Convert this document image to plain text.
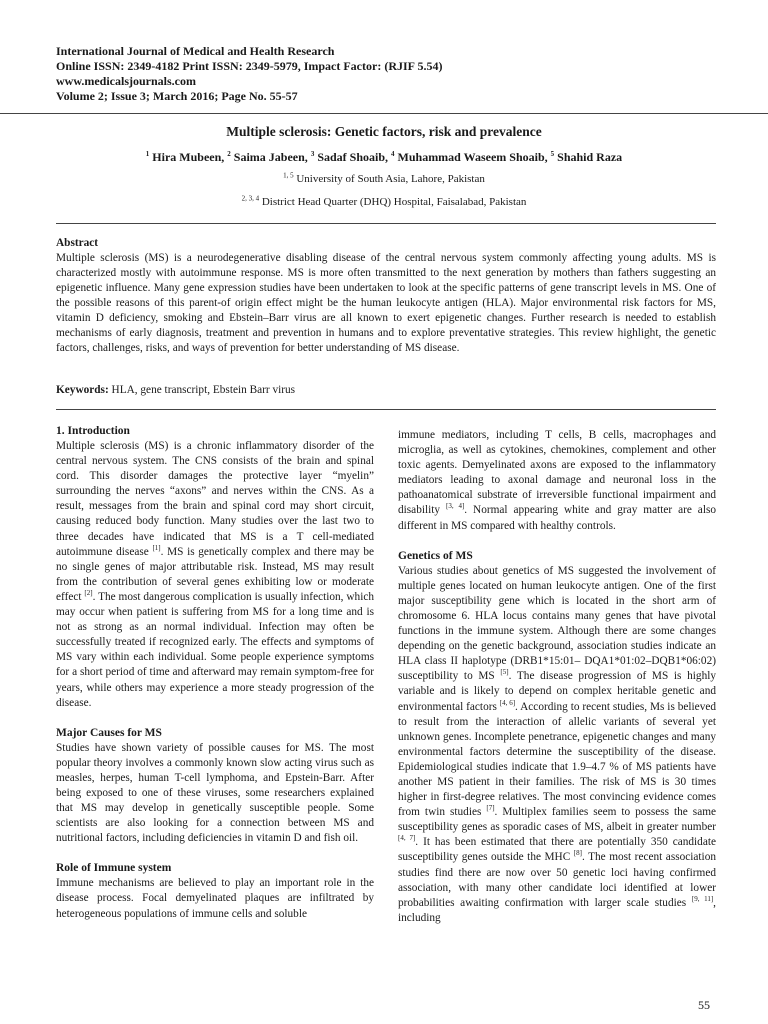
International Journal of Medical and Health Research
Online ISSN: 2349-4182 Print ISSN: 2349-5979, Impact Factor: (RJIF 5.54)
www.medicalsjournals.com
Volume 2; Issue 3; March 2016; Page No. 55-57
Multiple sclerosis: Genetic factors, risk and prevalence
$^1$ Hira Mubeen, $^2$ Saima Jabeen, $^3$ Sadaf Shoaib, $^4$ Muhammad Waseem Shoaib, $^5$ Shahid Raza
$^{1, 5}$ University of South Asia, Lahore, Pakistan
$^{2, 3, 4}$ District Head Quarter (DHQ) Hospital, Faisalabad, Pakistan
Abstract
Multiple sclerosis (MS) is a neurodegenerative disabling disease of the central nervous system commonly affecting young adults. MS is characterized mostly with autoimmune response. MS is more often transmitted to the next generation by mothers than fathers suggesting an epigenetic influence. Many gene expression studies have been undertaken to look at the specific patterns of gene transcript levels in MS. One of the possible reasons of this parent-of origin effect might be the human leukocyte antigen (HLA). Major environmental risk factors for MS, vitamin D deficiency, smoking and Ebstein–Barr virus are all known to exert epigenetic changes. Further research is needed to establish mechanisms of early diagnosis, treatment and prevention in humans and to explore preventative strategies. This review highlight, the genetic factors, challenges, risks, and ways of prevention for better understanding of MS disease.
Keywords: HLA, gene transcript, Ebstein Barr virus
1. Introduction

Multiple sclerosis (MS) is a chronic inflammatory disorder of the central nervous system. The CNS consists of the brain and spinal cord. This disorder damages the protective layer “myelin” surrounding the nerves “axons” and nerves within the CNS. As a result, messages from the brain and spinal cord may short circuit, causing reduced body function. Many studies over the last two to three decades have indicated that MS is a T cell-mediated autoimmune disease [1]. MS is genetically complex and there may be no single genes of major attributable risk. Instead, MS may result from the contribution of several genes exhibiting low or moderate effect [2]. The most dangerous complication is usually infection, which may occur when patient is suffering from MS for a long time and is not as strong as an normal individual. Infection may often be successfully treated if recognized early. The effects and symptoms of MS vary within each individual. Some people experience symptoms for a short period of time and afterward may remain symptom-free for years, while others may experience a more steady progression of the disease.

Major Causes for MS

Studies have shown variety of possible causes for MS. The most popular theory involves a commonly known slow acting virus such as measles, herpes, human T-cell lymphoma, and Epstein-Barr. After being exposed to one of these viruses, some researchers explained that MS may develop in genetically susceptible people. Some scientists are also looking for a connection between MS and nutritional factors, including deficiencies in vitamin D and fish oil.

Role of Immune system

Immune mechanisms are believed to play an important role in the disease process. Focal demyelinated plaques are infiltrated by heterogeneous populations of immune cells and soluble

immune mediators, including T cells, B cells, macrophages and microglia, as well as cytokines, chemokines, complement and other toxic agents. Demyelinated axons are exposed to the inflammatory mediators leading to axonal damage and neuronal loss in the pathoanatomical substrate of irreversible functional impairment and disability [3, 4]. Normal appearing white and gray matter are also different in MS compared with healthy controls.

Genetics of MS

Various studies about genetics of MS suggested the involvement of multiple genes located on human leukocyte antigen. One of the first major susceptibility gene which is located in the short arm of chromosome 6. HLA locus contains many genes that have pivotal functions in the immune system. Although there are some changes depending on the genetic background, association studies indicate an HLA class II haplotype (DRB1*15:01– DQA1*01:02–DQB1*06:02) susceptibility to MS [5]. The disease progression of MS is highly variable and is likely to depend on complex heritable genetic and environmental factors [4, 6]. According to recent studies, Ms is believed to result from the interaction of allelic variants of several yet unknown genes. Incomplete penetrance, epigenetic changes and many environmental factors determine the susceptibility of the disease. Epidemiological studies indicate that 1.9–4.7 % of MS patients have another MS patient in their families. The risk of MS is 30 times higher in first-degree relatives. The most convincing evidence comes from twin studies [7]. Multiplex families seem to possess the same susceptibility genes as sporadic cases of MS, albeit in greater number [4, 7]. It has been estimated that there are potentially 350 candidate susceptibility genes outside the MHC [8]. The most recent association studies find there are now over 50 genetic loci having confirmed association, with many other candidate loci identified at lower probabilities awaiting confirmation with larger scale studies [9, 11], including

55
